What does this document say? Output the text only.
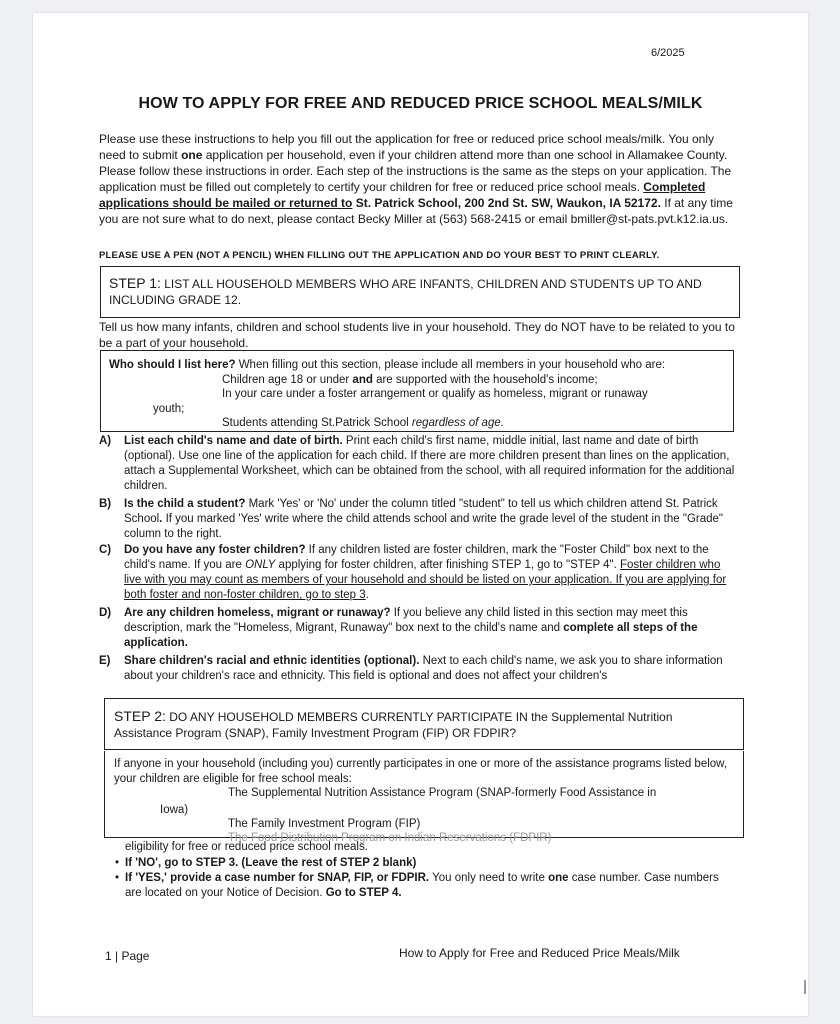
6/2025
HOW TO APPLY FOR FREE AND REDUCED PRICE SCHOOL MEALS/MILK
Please use these instructions to help you fill out the application for free or reduced price school meals/milk. You only need to submit one application per household, even if your children attend more than one school in Allamakee County. Please follow these instructions in order. Each step of the instructions is the same as the steps on your application. The application must be filled out completely to certify your children for free or reduced price school meals. Completed applications should be mailed or returned to St. Patrick School, 200 2nd St. SW, Waukon, IA 52172. If at any time you are not sure what to do next, please contact Becky Miller at (563) 568-2415 or email bmiller@st-pats.pvt.k12.ia.us.
PLEASE USE A PEN (NOT A PENCIL) WHEN FILLING OUT THE APPLICATION AND DO YOUR BEST TO PRINT CLEARLY.
STEP 1: LIST ALL HOUSEHOLD MEMBERS WHO ARE INFANTS, CHILDREN AND STUDENTS UP TO AND INCLUDING GRADE 12.
Tell us how many infants, children and school students live in your household. They do NOT have to be related to you to be a part of your household.
Who should I list here? When filling out this section, please include all members in your household who are:
Children age 18 or under and are supported with the household's income;
In your care under a foster arrangement or qualify as homeless, migrant or runaway
youth;
Students attending St.Patrick School regardless of age.
A) List each child's name and date of birth. Print each child's first name, middle initial, last name and date of birth (optional). Use one line of the application for each child. If there are more children present than lines on the application, attach a Supplemental Worksheet, which can be obtained from the school, with all required information for the additional children.
B) Is the child a student? Mark 'Yes' or 'No' under the column titled "student" to tell us which children attend St. Patrick School. If you marked 'Yes' write where the child attends school and write the grade level of the student in the "Grade" column to the right.
C) Do you have any foster children? If any children listed are foster children, mark the "Foster Child" box next to the child's name. If you are ONLY applying for foster children, after finishing STEP 1, go to "STEP 4". Foster children who live with you may count as members of your household and should be listed on your application. If you are applying for both foster and non-foster children, go to step 3.
D) Are any children homeless, migrant or runaway? If you believe any child listed in this section may meet this description, mark the "Homeless, Migrant, Runaway" box next to the child's name and complete all steps of the application.
E) Share children's racial and ethnic identities (optional). Next to each child's name, we ask you to share information about your children's race and ethnicity. This field is optional and does not affect your children's
STEP 2: DO ANY HOUSEHOLD MEMBERS CURRENTLY PARTICIPATE IN the Supplemental Nutrition Assistance Program (SNAP), Family Investment Program (FIP) OR FDPIR?
If anyone in your household (including you) currently participates in one or more of the assistance programs listed below, your children are eligible for free school meals:
The Supplemental Nutrition Assistance Program (SNAP-formerly Food Assistance in
Iowa)
The Family Investment Program (FIP)
The Food Distribution Program on Indian Reservations (FDPIR)
eligibility for free or reduced price school meals.
• If 'NO', go to STEP 3. (Leave the rest of STEP 2 blank)
• If 'YES,' provide a case number for SNAP, FIP, or FDPIR. You only need to write one case number. Case numbers are located on your Notice of Decision. Go to STEP 4.
1 | Page	How to Apply for Free and Reduced Price Meals/Milk
